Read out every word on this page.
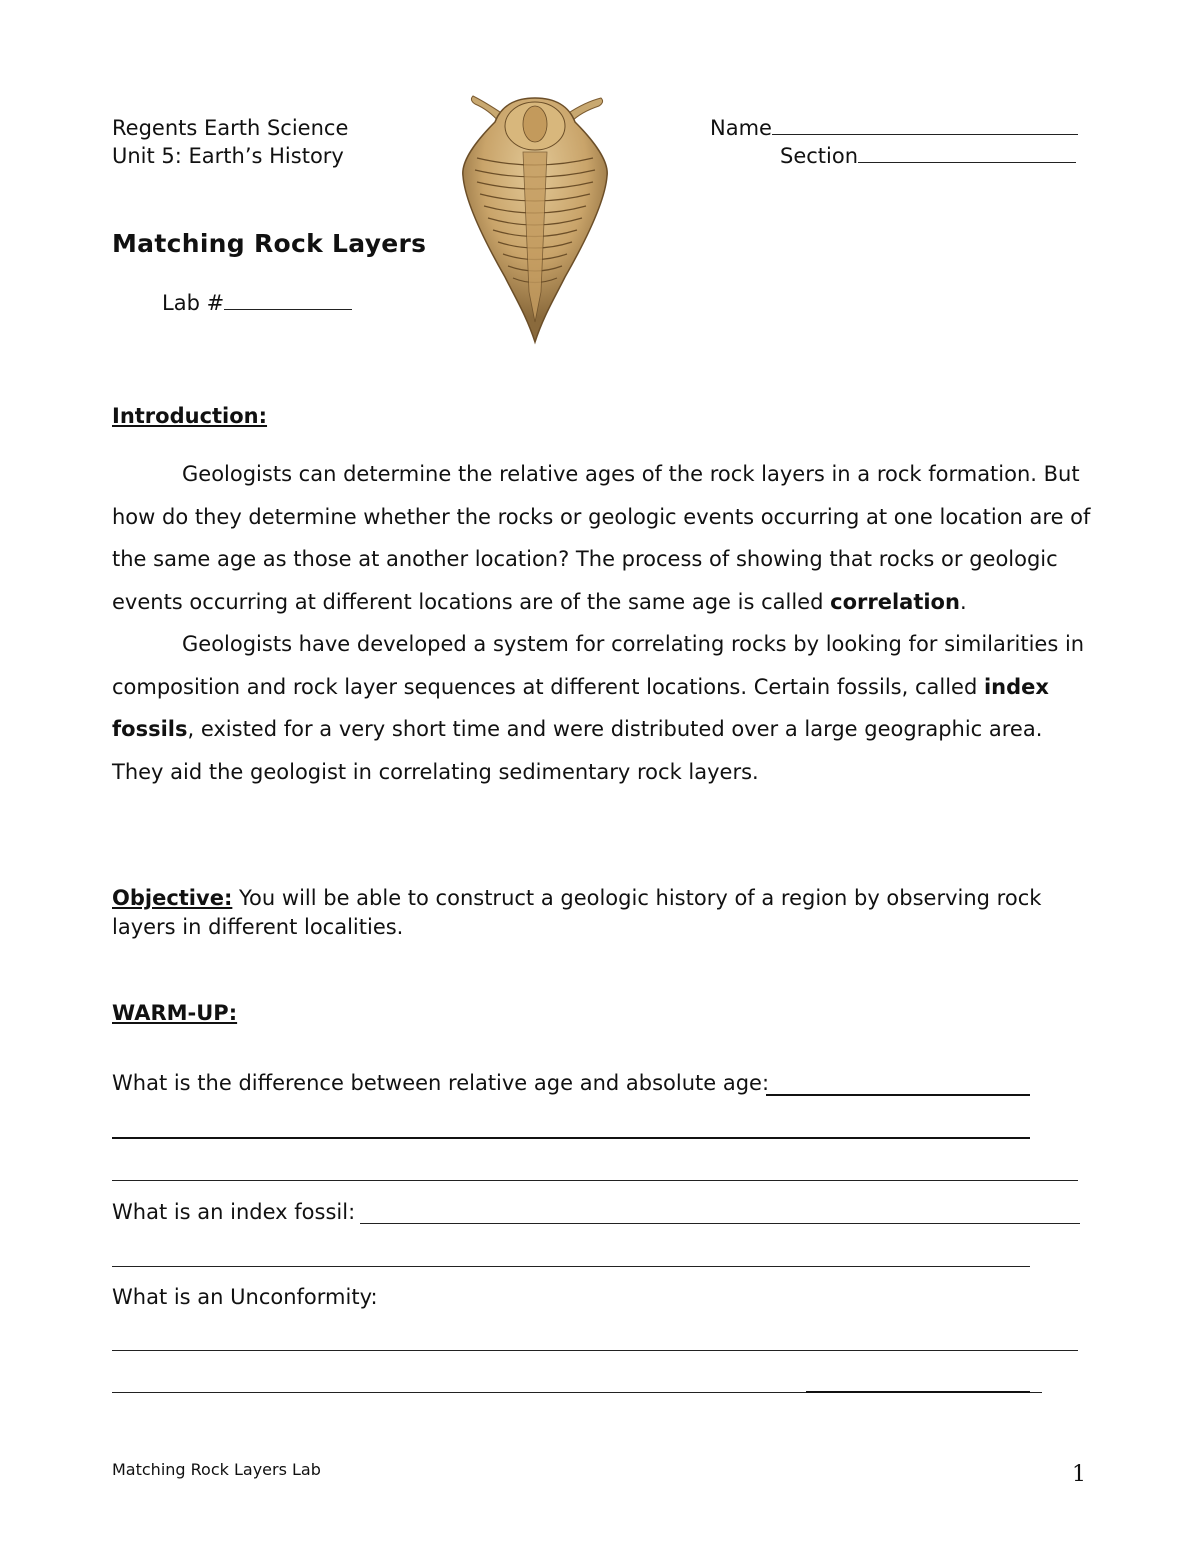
Regents Earth Science
Unit 5: Earth’s History
Name
Section
Matching Rock Layers
Lab #
Introduction:

Geologists can determine the relative ages of the rock layers in a rock formation. But how do they determine whether the rocks or geologic events occurring at one location are of the same age as those at another location? The process of showing that rocks or geologic events occurring at different locations are of the same age is called correlation.

Geologists have developed a system for correlating rocks by looking for similarities in composition and rock layer sequences at different locations. Certain fossils, called index fossils, existed for a very short time and were distributed over a large geographic area. They aid the geologist in correlating sedimentary rock layers.

Objective: You will be able to construct a geologic history of a region by observing rock layers in different localities.

WARM-UP:
What is the difference between relative age and absolute age:
What is an index fossil:
What is an Unconformity:
Matching Rock Layers Lab	1
